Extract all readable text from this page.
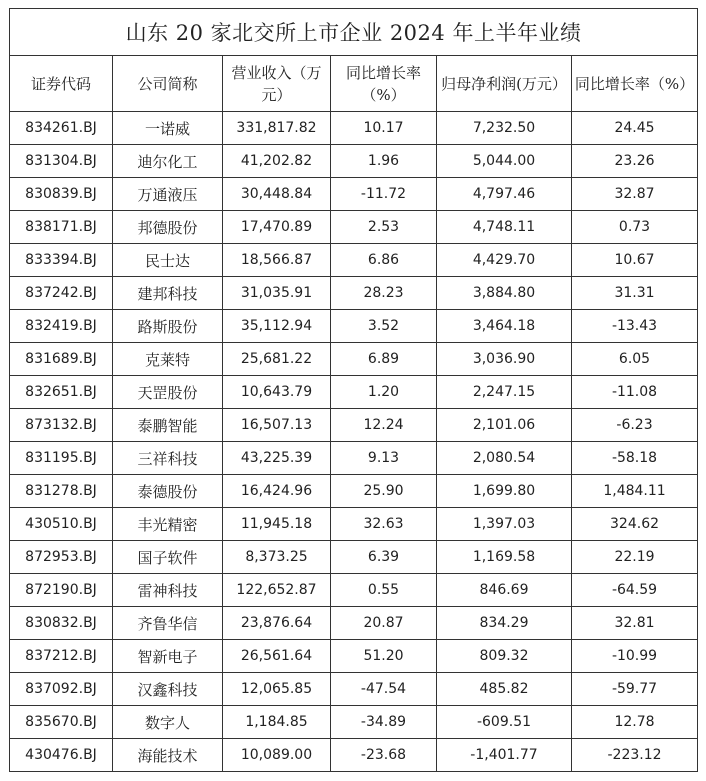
山东 20 家北交所上市企业 2024 年上半年业绩					
证券代码	公司简称	营业收入（万元）	同比增长率（%）	归母净利润(万元）	同比增长率（%）
834261.BJ	一诺威	331,817.82	10.17	7,232.50	24.45
831304.BJ	迪尔化工	41,202.82	1.96	5,044.00	23.26
830839.BJ	万通液压	30,448.84	-11.72	4,797.46	32.87
838171.BJ	邦德股份	17,470.89	2.53	4,748.11	0.73
833394.BJ	民士达	18,566.87	6.86	4,429.70	10.67
837242.BJ	建邦科技	31,035.91	28.23	3,884.80	31.31
832419.BJ	路斯股份	35,112.94	3.52	3,464.18	-13.43
831689.BJ	克莱特	25,681.22	6.89	3,036.90	6.05
832651.BJ	天罡股份	10,643.79	1.20	2,247.15	-11.08
873132.BJ	泰鹏智能	16,507.13	12.24	2,101.06	-6.23
831195.BJ	三祥科技	43,225.39	9.13	2,080.54	-58.18
831278.BJ	泰德股份	16,424.96	25.90	1,699.80	1,484.11
430510.BJ	丰光精密	11,945.18	32.63	1,397.03	324.62
872953.BJ	国子软件	8,373.25	6.39	1,169.58	22.19
872190.BJ	雷神科技	122,652.87	0.55	846.69	-64.59
830832.BJ	齐鲁华信	23,876.64	20.87	834.29	32.81
837212.BJ	智新电子	26,561.64	51.20	809.32	-10.99
837092.BJ	汉鑫科技	12,065.85	-47.54	485.82	-59.77
835670.BJ	数字人	1,184.85	-34.89	-609.51	12.78
430476.BJ	海能技术	10,089.00	-23.68	-1,401.77	-223.12
